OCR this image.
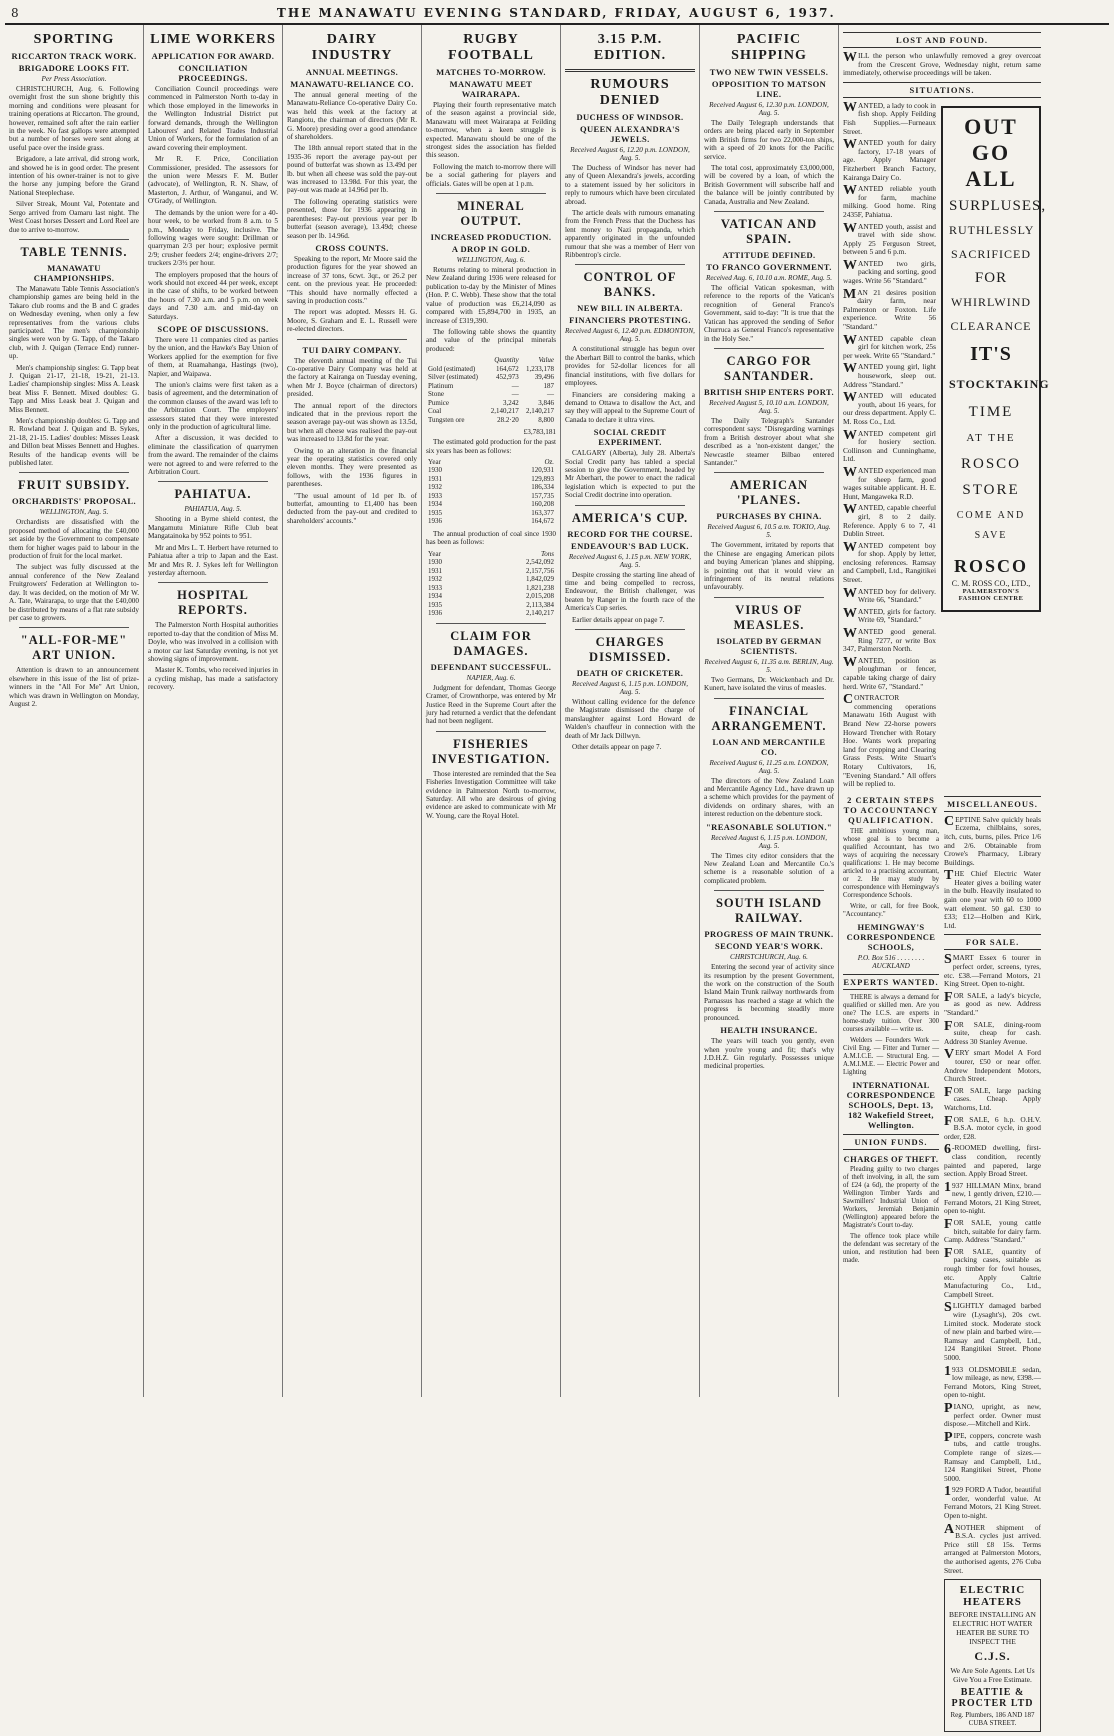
8	THE MANAWATU EVENING STANDARD, FRIDAY, AUGUST 6, 1937.
SPORTING
RICCARTON TRACK WORK.
BRIGADORE LOOKS FIT.
Per Press Association.

CHRISTCHURCH, Aug. 6. Following overnight frost the sun shone brightly this morning and conditions were pleasant for training operations at Riccarton. The ground, however, remained soft after the rain earlier in the week. No fast gallops were attempted but a number of horses were sent along at useful pace over the inside grass.

Brigadore, a late arrival, did strong work, and showed he is in good order. The present intention of his owner-trainer is not to give the horse any jumping before the Grand National Steeplechase.

Silver Streak, Mount Val, Potentate and Sergo arrived from Oamaru last night. The West Coast horses Dessert and Lord Reel are due to arrive to-morrow.

TABLE TENNIS.
MANAWATU CHAMPIONSHIPS.

The Manawatu Table Tennis Association's championship games are being held in the Takaro club rooms and the B and C grades on Wednesday evening, when only a few representatives from the various clubs participated. The men's championship singles were won by G. Tapp, of the Takaro club, with J. Quigan (Terrace End) runner-up.

Men's championship singles: G. Tapp beat J. Quigan 21-17, 21-18, 19-21, 21-13. Ladies' championship singles: Miss A. Leask beat Miss F. Bennett. Mixed doubles: G. Tapp and Miss Leask beat J. Quigan and Miss Bennett.

Men's championship doubles: G. Tapp and R. Rowland beat J. Quigan and B. Sykes, 21-18, 21-15. Ladies' doubles: Misses Leask and Dillon beat Misses Bennett and Hughes. Results of the handicap events will be published later.

FRUIT SUBSIDY.
ORCHARDISTS' PROPOSAL.
WELLINGTON, Aug. 5.

Orchardists are dissatisfied with the proposed method of allocating the £40,000 set aside by the Government to compensate them for higher wages paid to labour in the production of fruit for the local market.

The subject was fully discussed at the annual conference of the New Zealand Fruitgrowers' Federation at Wellington to-day. It was decided, on the motion of Mr W. A. Tate, Wairarapa, to urge that the £40,000 be distributed by means of a flat rate subsidy per case to growers.

"ALL-FOR-ME" ART UNION.

Attention is drawn to an announcement elsewhere in this issue of the list of prize-winners in the "All For Me" Art Union, which was drawn in Wellington on Monday, August 2.

LIME WORKERS
APPLICATION FOR AWARD.
CONCILIATION PROCEEDINGS.

Conciliation Council proceedings were commenced in Palmerston North to-day in which those employed in the limeworks in the Wellington Industrial District put forward demands, through the Wellington Labourers' and Related Trades Industrial Union of Workers, for the formulation of an award covering their employment.

Mr R. F. Price, Conciliation Commissioner, presided. The assessors for the union were Messrs F. M. Butler (advocate), of Wellington, R. N. Shaw, of Masterton, J. Arthur, of Wanganui, and W. O'Grady, of Wellington.

The demands by the union were for a 40-hour week, to be worked from 8 a.m. to 5 p.m., Monday to Friday, inclusive. The following wages were sought: Drillman or quarryman 2/3 per hour; explosive permit 2/9; crusher feeders 2/4; engine-drivers 2/7; truckers 2/3½ per hour.

The employers proposed that the hours of work should not exceed 44 per week, except in the case of shifts, to be worked between the hours of 7.30 a.m. and 5 p.m. on week days and 7.30 a.m. and mid-day on Saturdays.

SCOPE OF DISCUSSIONS.

There were 11 companies cited as parties by the union, and the Hawke's Bay Union of Workers applied for the exemption for five of them, at Ruamahanga, Hastings (two), Napier, and Waipawa.

The union's claims were first taken as a basis of agreement, and the determination of the common clauses of the award was left to the Arbitration Court. The employers' assessors stated that they were interested only in the production of agricultural lime.

After a discussion, it was decided to eliminate the classification of quarrymen from the award. The remainder of the claims were not agreed to and were referred to the Arbitration Court.

PAHIATUA.
PAHIATUA, Aug. 5.

Shooting in a Byrne shield contest, the Mangamutu Miniature Rifle Club beat Mangatainoka by 952 points to 951.

Mr and Mrs L. T. Herbert have returned to Pahiatua after a trip to Japan and the East. Mr and Mrs R. J. Sykes left for Wellington yesterday afternoon.

HOSPITAL REPORTS.

The Palmerston North Hospital authorities reported to-day that the condition of Miss M. Doyle, who was involved in a collision with a motor car last Saturday evening, is not yet showing signs of improvement.

Master K. Tombs, who received injuries in a cycling mishap, has made a satisfactory recovery.

DAIRY INDUSTRY
ANNUAL MEETINGS.
MANAWATU-RELIANCE CO.

The annual general meeting of the Manawatu-Reliance Co-operative Dairy Co. was held this week at the factory at Rangiotu, the chairman of directors (Mr R. G. Moore) presiding over a good attendance of shareholders.

The 18th annual report stated that in the 1935-36 report the average pay-out per pound of butterfat was shown as 13.49d per lb. but when all cheese was sold the pay-out was increased to 13.98d. For this year, the pay-out was made at 14.96d per lb.

The following operating statistics were presented, those for 1936 appearing in parentheses: Pay-out previous year per lb butterfat (season average), 13.49d; cheese season per lb. 14.96d.

CROSS COUNTS.

Speaking to the report, Mr Moore said the production figures for the year showed an increase of 37 tons, 6cwt. 3qr., or 26.2 per cent. on the previous year. He proceeded: "This should have normally effected a saving in production costs."

The report was adopted. Messrs H. G. Moore, S. Graham and E. L. Russell were re-elected directors.

TUI DAIRY COMPANY.

The eleventh annual meeting of the Tui Co-operative Dairy Company was held at the factory at Kairanga on Tuesday evening, when Mr J. Boyce (chairman of directors) presided.

The annual report of the directors indicated that in the previous report the season average pay-out was shown as 13.5d, but when all cheese was realised the pay-out was increased to 13.8d for the year.

Owing to an alteration in the financial year the operating statistics covered only eleven months. They were presented as follows, with the 1936 figures in parentheses.

"The usual amount of 1d per lb. of butterfat, amounting to £1,400 has been deducted from the pay-out and credited to shareholders' accounts."

RUGBY FOOTBALL
MATCHES TO-MORROW.
MANAWATU MEET WAIRARAPA.

Playing their fourth representative match of the season against a provincial side, Manawatu will meet Wairarapa at Feilding to-morrow, when a keen struggle is expected. Manawatu should be one of the strongest sides the association has fielded this season.

Following the match to-morrow there will be a social gathering for players and officials. Gates will be open at 1 p.m.

MINERAL OUTPUT.
INCREASED PRODUCTION.
A DROP IN GOLD.
WELLINGTON, Aug. 6.

Returns relating to mineral production in New Zealand during 1936 were released for publication to-day by the Minister of Mines (Hon. P. C. Webb). These show that the total value of production was £6,214,090 as compared with £5,894,700 in 1935, an increase of £319,390.

The following table shows the quantity and value of the principal minerals produced:

	Quantity	Value
Gold (estimated)	164,672	1,233,178
Silver (estimated)	452,973	39,496
Platinum	—	187
Stone	—	—
Pumice	3,242	3,846
Coal	2,140,217	2,140,217
Tungsten ore	28.2·20	8,800
£3,783,181

The estimated gold production for the past six years has been as follows:

Year	Oz.
1930	120,931
1931	129,893
1932	186,334
1933	157,735
1934	160,208
1935	163,377
1936	164,672

The annual production of coal since 1930 has been as follows:

Year	Tons
1930	2,542,092
1931	2,157,756
1932	1,842,029
1933	1,821,238
1934	2,015,208
1935	2,113,384
1936	2,140,217
CLAIM FOR DAMAGES.
DEFENDANT SUCCESSFUL.
NAPIER, Aug. 6.

Judgment for defendant, Thomas George Cramer, of Crownthorpe, was entered by Mr Justice Reed in the Supreme Court after the jury had returned a verdict that the defendant had not been negligent.

FISHERIES INVESTIGATION.

Those interested are reminded that the Sea Fisheries Investigation Committee will take evidence in Palmerston North to-morrow, Saturday. All who are desirous of giving evidence are asked to communicate with Mr W. Young, care the Royal Hotel.

3.15 P.M. EDITION.
RUMOURS DENIED
DUCHESS OF WINDSOR.
QUEEN ALEXANDRA'S JEWELS.
Received August 6, 12.20 p.m. LONDON, Aug. 5.

The Duchess of Windsor has never had any of Queen Alexandra's jewels, according to a statement issued by her solicitors in reply to rumours which have been circulated abroad.

The article deals with rumours emanating from the French Press that the Duchess has lent money to Nazi propaganda, which apparently originated in the unfounded rumour that she was a member of Herr von Ribbentrop's circle.

CONTROL OF BANKS.
NEW BILL IN ALBERTA.
FINANCIERS PROTESTING.
Received August 6, 12.40 p.m. EDMONTON, Aug. 5.

A constitutional struggle has begun over the Aberhart Bill to control the banks, which provides for 52-dollar licences for all financial institutions, with five dollars for employees.

Financiers are considering making a demand to Ottawa to disallow the Act, and say they will appeal to the Supreme Court of Canada to declare it ultra vires.

SOCIAL CREDIT EXPERIMENT.

CALGARY (Alberta), July 28. Alberta's Social Credit party has tabled a special session to give the Government, headed by Mr Aberhart, the power to enact the radical legislation which is expected to put the Social Credit doctrine into operation.

AMERICA'S CUP.
RECORD FOR THE COURSE.
ENDEAVOUR'S BAD LUCK.
Received August 6, 1.15 p.m. NEW YORK, Aug. 5.

Despite crossing the starting line ahead of time and being compelled to recross, Endeavour, the British challenger, was beaten by Ranger in the fourth race of the America's Cup series.

Earlier details appear on page 7.

CHARGES DISMISSED.
DEATH OF CRICKETER.
Received August 6, 1.15 p.m. LONDON, Aug. 5.

Without calling evidence for the defence the Magistrate dismissed the charge of manslaughter against Lord Howard de Walden's chauffeur in connection with the death of Mr Jack Dillwyn.

Other details appear on page 7.

PACIFIC SHIPPING
TWO NEW TWIN VESSELS.
OPPOSITION TO MATSON LINE.
Received August 6, 12.30 p.m. LONDON, Aug. 5.

The Daily Telegraph understands that orders are being placed early in September with British firms for two 22,000-ton ships, with a speed of 20 knots for the Pacific service.

The total cost, approximately £3,000,000, will be covered by a loan, of which the British Government will subscribe half and the balance will be jointly contributed by Canada, Australia and New Zealand.

VATICAN AND SPAIN.
ATTITUDE DEFINED.
TO FRANCO GOVERNMENT.
Received Aug. 6, 10.10 a.m. ROME, Aug. 5.

The official Vatican spokesman, with reference to the reports of the Vatican's recognition of General Franco's Government, said to-day: "It is true that the Vatican has approved the sending of Señor Churruca as General Franco's representative in the Holy See."

CARGO FOR SANTANDER.
BRITISH SHIP ENTERS PORT.
Received August 5, 10.10 a.m. LONDON, Aug. 5.

The Daily Telegraph's Santander correspondent says: "Disregarding warnings from a British destroyer about what she described as a 'non-existent danger,' the Newcastle steamer Bilbao entered Santander."

AMERICAN 'PLANES.
PURCHASES BY CHINA.
Received August 6, 10.5 a.m. TOKIO, Aug. 5.

The Government, irritated by reports that the Chinese are engaging American pilots and buying American 'planes and shipping, is pointing out that it would view an infringement of its neutral relations unfavourably.

VIRUS OF MEASLES.
ISOLATED BY GERMAN SCIENTISTS.
Received August 6, 11.35 a.m. BERLIN, Aug. 5.

Two Germans, Dr. Weickenbach and Dr. Kunert, have isolated the virus of measles.

FINANCIAL ARRANGEMENT.
LOAN AND MERCANTILE CO.
Received August 6, 11.25 a.m. LONDON, Aug. 5.

The directors of the New Zealand Loan and Mercantile Agency Ltd., have drawn up a scheme which provides for the payment of dividends on ordinary shares, with an interest reduction on the debenture stock.

"REASONABLE SOLUTION."
Received August 6, 1.15 p.m. LONDON, Aug. 5.

The Times city editor considers that the New Zealand Loan and Mercantile Co.'s scheme is a reasonable solution of a complicated problem.

SOUTH ISLAND RAILWAY.
PROGRESS OF MAIN TRUNK.
SECOND YEAR'S WORK.
CHRISTCHURCH, Aug. 6.

Entering the second year of activity since its resumption by the present Government, the work on the construction of the South Island Main Trunk railway northwards from Parnassus has reached a stage at which the progress is becoming steadily more pronounced.

HEALTH INSURANCE.

The years will teach you gently, even when you're young and fit; that's why J.D.H.Z. Gin regularly. Possesses unique medicinal properties.

LOST AND FOUND.

WILL the person who unlawfully removed a grey overcoat from the Crescent Grove, Wednesday night, return same immediately, otherwise proceedings will be taken.

SITUATIONS.

WANTED, a lady to cook in fish shop. Apply Feilding Fish Supplies.—Furneaux Street.

WANTED youth for dairy factory, 17-18 years of age. Apply Manager Fitzherbert Branch Factory, Kairanga Dairy Co.

WANTED reliable youth for farm, machine milking. Good home. Ring 2435F, Pahiatua.

WANTED youth, assist and travel with side show. Apply 25 Ferguson Street, between 5 and 6 p.m.

WANTED two girls, packing and sorting, good wages. Write 56 "Standard."

MAN 21 desires position dairy farm, near Palmerston or Foxton. Life experience. Write 56 "Standard."

WANTED capable clean girl for kitchen work, 25s per week. Write 65 "Standard."

WANTED young girl, light housework, sleep out. Address "Standard."

WANTED will educated youth, about 16 years, for our dress department. Apply C. M. Ross Co., Ltd.

WANTED competent girl for hosiery section. Collinson and Cunninghame, Ltd.

WANTED experienced man for sheep farm, good wages suitable applicant. H. E. Hunt, Mangaweka R.D.

WANTED, capable cheerful girl, 8 to 2 daily. Reference. Apply 6 to 7, 41 Dublin Street.

WANTED competent boy for shop. Apply by letter, enclosing references. Ramsay and Campbell, Ltd., Rangitikei Street.

WANTED boy for delivery. Write 66, "Standard."

WANTED, girls for factory. Write 69, "Standard."

WANTED good general. Ring 7277, or write Box 347, Palmerston North.

WANTED, position as ploughman or fencer, capable taking charge of dairy herd. Write 67, "Standard."

CONTRACTOR commencing operations Manawatu 16th August with Brand New 22-horse powers Howard Trencher with Rotary Hoe. Wants work preparing land for cropping and Clearing Grass Pests. Write Stuart's Rotary Cultivators, 16, "Evening Standard." All offers will be replied to.

OUT GO
ALL
SURPLUSES,
RUTHLESSLY
SACRIFICED
FOR
WHIRLWIND
CLEARANCE
IT'S
STOCKTAKING
TIME
AT THE
ROSCO
STORE
COME AND SAVE
ROSCO
C. M. ROSS CO., LTD.,
PALMERSTON'S FASHION CENTRE
2 CERTAIN STEPS TO ACCOUNTANCY QUALIFICATION.

THE ambitious young man, whose goal is to become a qualified Accountant, has two ways of acquiring the necessary qualifications: 1. He may become articled to a practising accountant, or 2. He may study by correspondence with Hemingway's Correspondence Schools.

Write, or call, for free Book, "Accountancy."

HEMINGWAY'S CORRESPONDENCE SCHOOLS,
P.O. Box 516 . . . . . . . . AUCKLAND
EXPERTS WANTED.

THERE is always a demand for qualified or skilled men. Are you one? The I.C.S. are experts in home-study tuition. Over 300 courses available — write us.

Welders — Founders Work — Civil Eng. — Fitter and Turner — A.M.I.C.E. — Structural Eng. — A.M.I.M.E. — Electric Power and Lighting

INTERNATIONAL CORRESPONDENCE SCHOOLS, Dept. 13, 182 Wakefield Street, Wellington.
UNION FUNDS.
CHARGES OF THEFT.

Pleading guilty to two charges of theft involving, in all, the sum of £24 (a 6d), the property of the Wellington Timber Yards and Sawmillers' Industrial Union of Workers, Jeremiah Benjamin (Wellington) appeared before the Magistrate's Court to-day.

The offence took place while the defendant was secretary of the union, and restitution had been made.

MISCELLANEOUS.

CEPTINE Salve quickly heals Eczema, chilblains, sores, itch, cuts, burns, piles. Price 1/6 and 2/6. Obtainable from Crowe's Pharmacy, Library Buildings.

THE Chief Electric Water Heater gives a boiling water in the bulb. Heavily insulated to gain one year with 60 to 1000 watt element. 50 gal. £30 to £33; £12—Holben and Kirk, Ltd.

FOR SALE.

SMART Essex 6 tourer in perfect order, screens, tyres, etc. £38.—Ferrand Motors, 21 King Street. Open to-night.

FOR SALE, a lady's bicycle, as good as new. Address "Standard."

FOR SALE, dining-room suite, cheap for cash. Address 30 Stanley Avenue.

VERY smart Model A Ford tourer, £50 or near offer. Andrew Independent Motors, Church Street.

FOR SALE, large packing cases. Cheap. Apply Watchorns, Ltd.

FOR SALE, 6 h.p. O.H.V. B.S.A. motor cycle, in good order, £28.

6-ROOMED dwelling, first-class condition, recently painted and papered, large section. Apply Broad Street.

1937 HILLMAN Minx, brand new, 1 gently driven, £210.—Ferrand Motors, 21 King Street, open to-night.

FOR SALE, young cattle bitch, suitable for dairy farm. Camp. Address "Standard."

FOR SALE, quantity of packing cases, suitable as rough timber for fowl houses, etc. Apply Caltrie Manufacturing Co., Ltd., Campbell Street.

SLIGHTLY damaged barbed wire (Lysaght's), 20s cwt. Limited stock. Moderate stock of new plain and barbed wire.—Ramsay and Campbell, Ltd., 124 Rangitikei Street. Phone 5000.

1933 OLDSMOBILE sedan, low mileage, as new, £398.—Ferrand Motors, King Street, open to-night.

PIANO, upright, as new, perfect order. Owner must dispose.—Mitchell and Kirk.

PIPE, coppers, concrete wash tubs, and cattle troughs. Complete range of sizes.—Ramsay and Campbell, Ltd., 124 Rangitikei Street, Phone 5000.

1929 FORD A Tudor, beautiful order, wonderful value. At Ferrand Motors, 21 King Street. Open to-night.

ANOTHER shipment of B.S.A. cycles just arrived. Price still £8 15s. Terms arranged at Palmerston Motors, the authorised agents, 276 Cuba Street.

ELECTRIC HEATERS
BEFORE INSTALLING AN ELECTRIC HOT WATER HEATER BE SURE TO INSPECT THE
C.J.S.
We Are Sole Agents. Let Us Give You a Free Estimate.
BEATTIE & PROCTER LTD
Reg. Plumbers, 186 AND 187 CUBA STREET.
